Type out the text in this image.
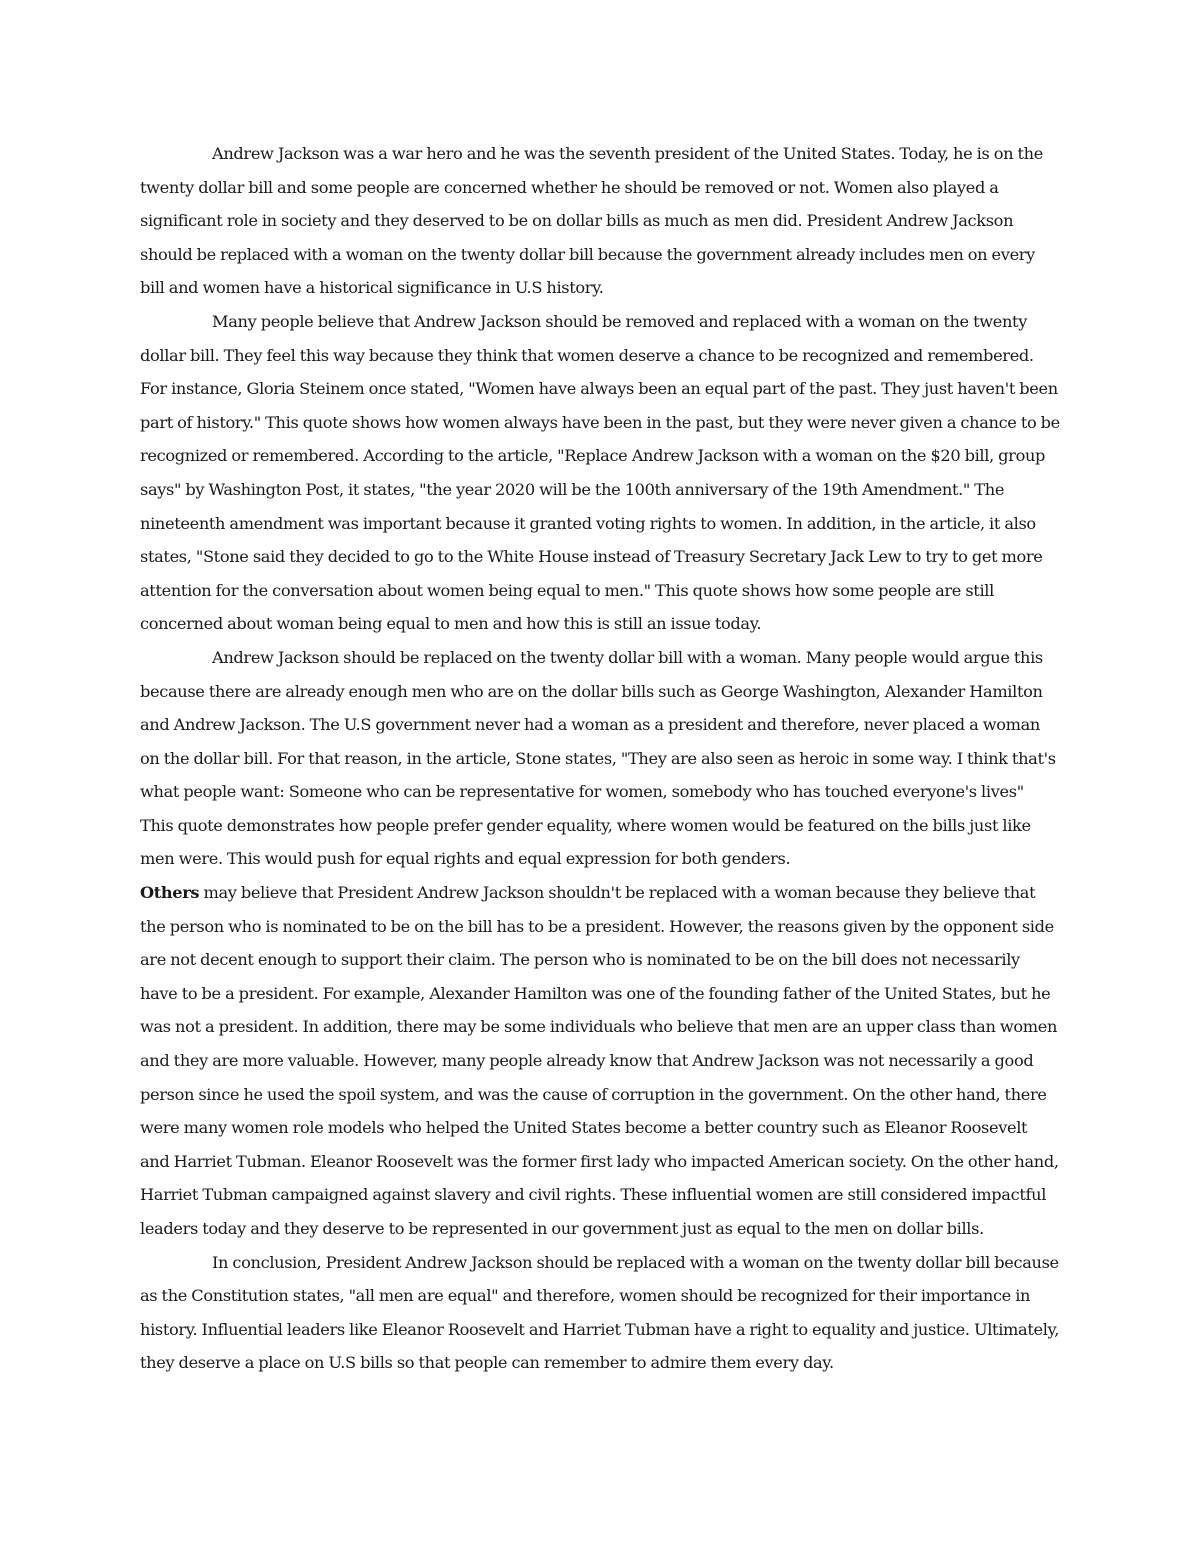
Andrew Jackson was a war hero and he was the seventh president of the United States. Today, he is on the twenty dollar bill and some people are concerned whether he should be removed or not. Women also played a significant role in society and they deserved to be on dollar bills as much as men did. President Andrew Jackson should be replaced with a woman on the twenty dollar bill because the government already includes men on every bill and women have a historical significance in U.S history.

Many people believe that Andrew Jackson should be removed and replaced with a woman on the twenty dollar bill. They feel this way because they think that women deserve a chance to be recognized and remembered. For instance, Gloria Steinem once stated, "Women have always been an equal part of the past. They just haven't been part of history." This quote shows how women always have been in the past, but they were never given a chance to be recognized or remembered. According to the article, "Replace Andrew Jackson with a woman on the $20 bill, group says" by Washington Post, it states, "the year 2020 will be the 100th anniversary of the 19th Amendment." The nineteenth amendment was important because it granted voting rights to women. In addition, in the article, it also states, "Stone said they decided to go to the White House instead of Treasury Secretary Jack Lew to try to get more attention for the conversation about women being equal to men." This quote shows how some people are still concerned about woman being equal to men and how this is still an issue today.

Andrew Jackson should be replaced on the twenty dollar bill with a woman. Many people would argue this because there are already enough men who are on the dollar bills such as George Washington, Alexander Hamilton and Andrew Jackson. The U.S government never had a woman as a president and therefore, never placed a woman on the dollar bill. For that reason, in the article, Stone states, "They are also seen as heroic in some way. I think that's what people want: Someone who can be representative for women, somebody who has touched everyone's lives" This quote demonstrates how people prefer gender equality, where women would be featured on the bills just like men were. This would push for equal rights and equal expression for both genders.

Others may believe that President Andrew Jackson shouldn't be replaced with a woman because they believe that the person who is nominated to be on the bill has to be a president. However, the reasons given by the opponent side are not decent enough to support their claim. The person who is nominated to be on the bill does not necessarily have to be a president. For example, Alexander Hamilton was one of the founding father of the United States, but he was not a president. In addition, there may be some individuals who believe that men are an upper class than women and they are more valuable. However, many people already know that Andrew Jackson was not necessarily a good person since he used the spoil system, and was the cause of corruption in the government. On the other hand, there were many women role models who helped the United States become a better country such as Eleanor Roosevelt and Harriet Tubman. Eleanor Roosevelt was the former first lady who impacted American society. On the other hand, Harriet Tubman campaigned against slavery and civil rights. These influential women are still considered impactful leaders today and they deserve to be represented in our government just as equal to the men on dollar bills.

In conclusion, President Andrew Jackson should be replaced with a woman on the twenty dollar bill because as the Constitution states, "all men are equal" and therefore, women should be recognized for their importance in history. Influential leaders like Eleanor Roosevelt and Harriet Tubman have a right to equality and justice. Ultimately, they deserve a place on U.S bills so that people can remember to admire them every day.
